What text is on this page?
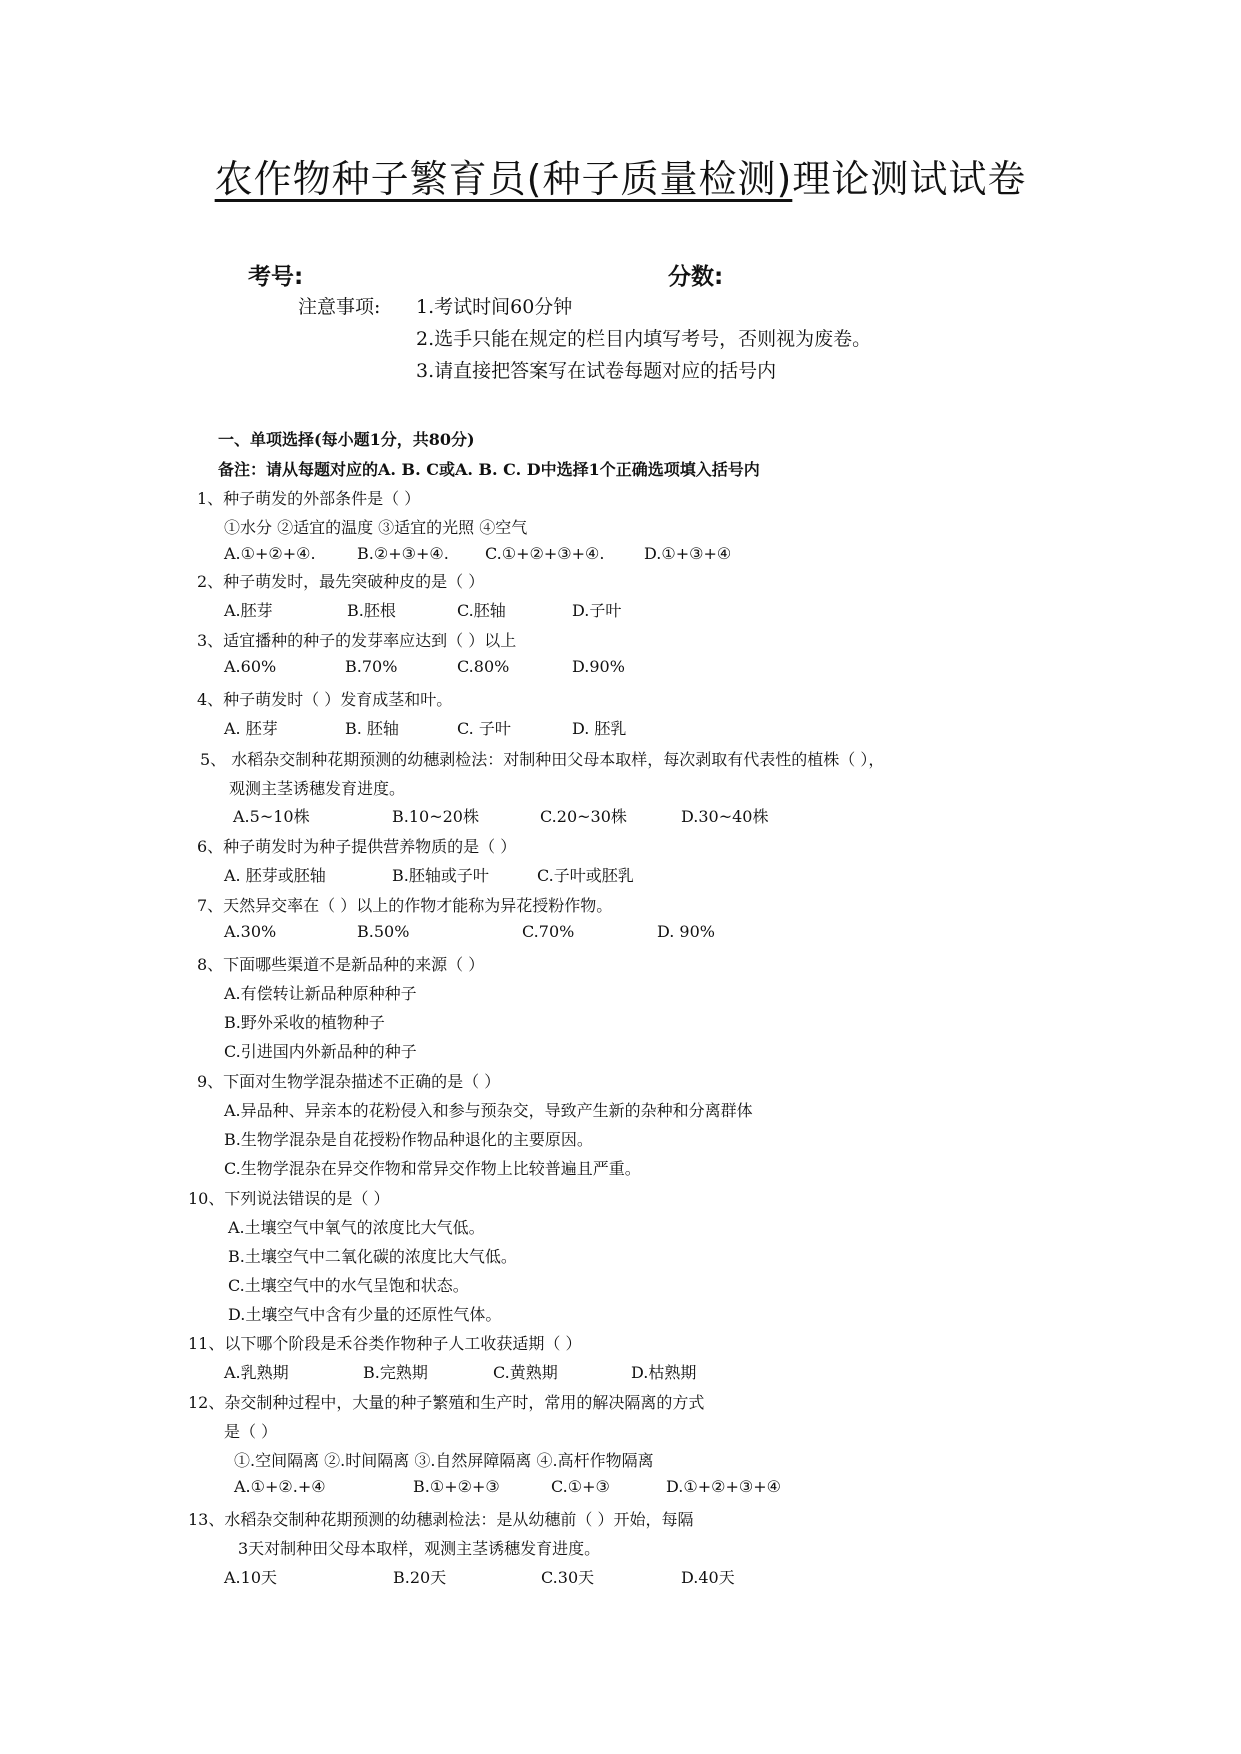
农作物种子繁育员(种子质量检测)理论测试试卷
考号:	分数:
注意事项: 1.考试时间60分钟
2.选手只能在规定的栏目内填写考号，否则视为废卷。
3.请直接把答案写在试卷每题对应的括号内
一、单项选择(每小题1分，共80分)
备注：请从每题对应的A. B. C或A. B. C. D中选择1个正确选项填入括号内
1、种子萌发的外部条件是（ ）
①水分 ②适宜的温度 ③适宜的光照 ④空气
A.①+②+④.	B.②+③+④. C.①+②+③+④. D.①+③+④
2、种子萌发时，最先突破种皮的是（ ）
A.胚芽	B.胚根	C.胚轴	D.子叶
3、适宜播种的种子的发芽率应达到（ ）以上
A.60%	B.70%	C.80%	D.90%
4、种子萌发时（ ）发育成茎和叶。
A. 胚芽	B. 胚轴	C. 子叶	D. 胚乳
5、 水稻杂交制种花期预测的幼穗剥检法：对制种田父母本取样，每次剥取有代表性的植株（ ），
观测主茎诱穗发育进度。
A.5~10株	B.10~20株	C.20~30株	D.30~40株
6、种子萌发时为种子提供营养物质的是（ ）
A. 胚芽或胚轴	B.胚轴或子叶	C.子叶或胚乳
7、天然异交率在（ ）以上的作物才能称为异花授粉作物。
A.30%	B.50%	C.70%	D. 90%
8、下面哪些渠道不是新品种的来源（ ）
A.有偿转让新品种原种种子
B.野外采收的植物种子
C.引进国内外新品种的种子
9、下面对生物学混杂描述不正确的是（ ）
A.异品种、异亲本的花粉侵入和参与预杂交，导致产生新的杂种和分离群体
B.生物学混杂是自花授粉作物品种退化的主要原因。
C.生物学混杂在异交作物和常异交作物上比较普遍且严重。
10、下列说法错误的是（ ）
A.土壤空气中氧气的浓度比大气低。
B.土壤空气中二氧化碳的浓度比大气低。
C.土壤空气中的水气呈饱和状态。
D.土壤空气中含有少量的还原性气体。
11、以下哪个阶段是禾谷类作物种子人工收获适期（ ）
A.乳熟期	B.完熟期	C.黄熟期	D.枯熟期
12、杂交制种过程中，大量的种子繁殖和生产时，常用的解决隔离的方式
是（ ）
①.空间隔离 ②.时间隔离 ③.自然屏障隔离 ④.高杆作物隔离
A.①+②.+④	B.①+②+③	C.①+③	D.①+②+③+④
13、水稻杂交制种花期预测的幼穗剥检法：是从幼穗前（ ）开始，每隔
3天对制种田父母本取样，观测主茎诱穗发育进度。
A.10天	B.20天	C.30天	D.40天
